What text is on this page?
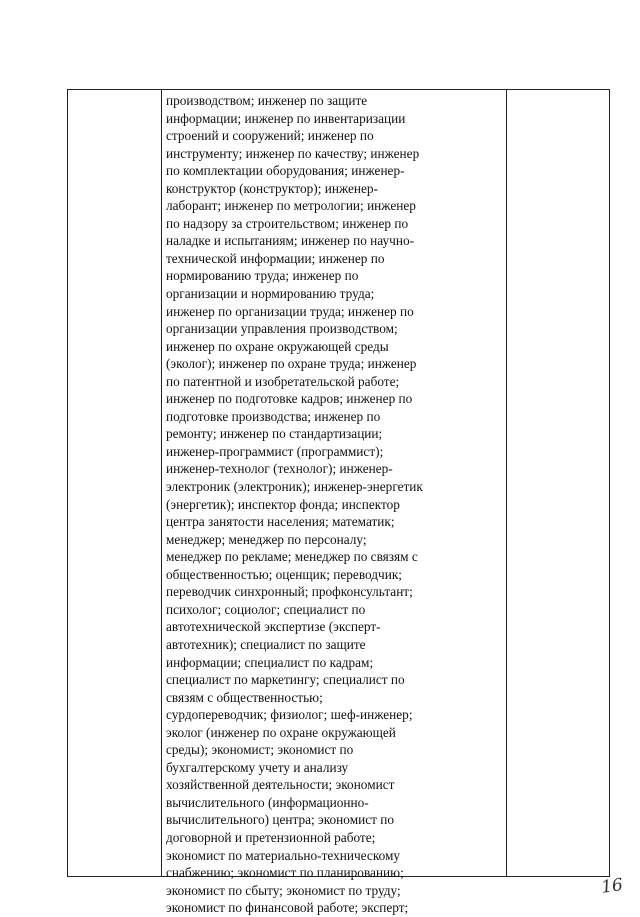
производством; инженер по защите
информации; инженер по инвентаризации
строений и сооружений; инженер по
инструменту; инженер по качеству; инженер
по комплектации оборудования; инженер-
конструктор (конструктор); инженер-
лаборант; инженер по метрологии; инженер
по надзору за строительством; инженер по
наладке и испытаниям; инженер по научно-
технической информации; инженер по
нормированию труда; инженер по
организации и нормированию труда;
инженер по организации труда; инженер по
организации управления производством;
инженер по охране окружающей среды
(эколог); инженер по охране труда; инженер
по патентной и изобретательской работе;
инженер по подготовке кадров; инженер по
подготовке производства; инженер по
ремонту; инженер по стандартизации;
инженер-программист (программист);
инженер-технолог (технолог); инженер-
электроник (электроник); инженер-энергетик
(энергетик); инспектор фонда; инспектор
центра занятости населения; математик;
менеджер; менеджер по персоналу;
менеджер по рекламе; менеджер по связям с
общественностью; оценщик; переводчик;
переводчик синхронный; профконсультант;
психолог; социолог; специалист по
автотехнической экспертизе (эксперт-
автотехник); специалист по защите
информации; специалист по кадрам;
специалист по маркетингу; специалист по
связям с общественностью;
сурдопереводчик; физиолог; шеф-инженер;
эколог (инженер по охране окружающей
среды); экономист; экономист по
бухгалтерскому учету и анализу
хозяйственной деятельности; экономист
вычислительного (информационно-
вычислительного) центра; экономист по
договорной и претензионной работе;
экономист по материально-техническому
снабжению; экономист по планированию;
экономист по сбыту; экономист по труду;
экономист по финансовой работе; эксперт;
16
